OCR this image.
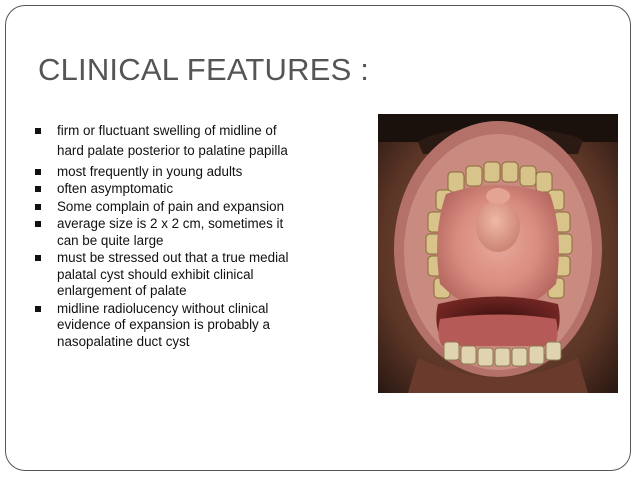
CLINICAL FEATURES :
firm or fluctuant swelling of midline of
hard palate posterior to palatine papilla
most frequently in young adults
often asymptomatic
Some complain of pain and expansion
average size is 2 x 2 cm, sometimes it
can be quite large
must be stressed out that a true medial
palatal cyst should exhibit clinical
enlargement of palate
midline radiolucency without clinical
evidence of expansion is probably a
nasopalatine duct cyst
